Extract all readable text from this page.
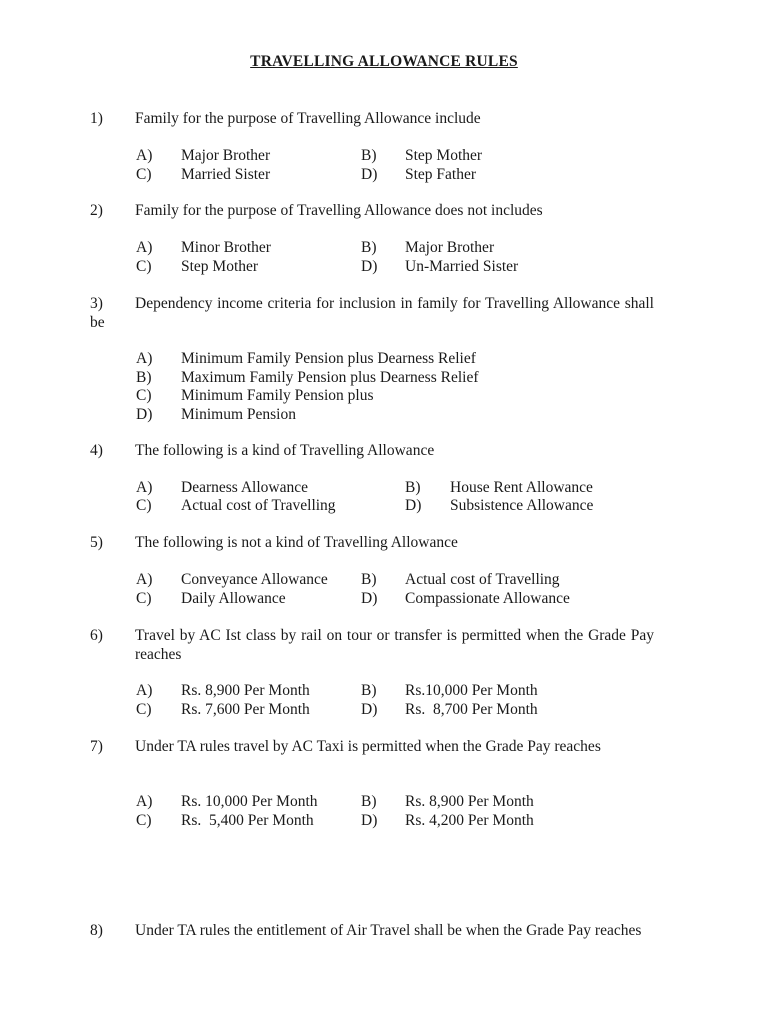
TRAVELLING ALLOWANCE RULES
1) Family for the purpose of Travelling Allowance include
A) Major Brother	B) Step Mother
C) Married Sister	D) Step Father
2) Family for the purpose of Travelling Allowance does not includes
A) Minor Brother	B) Major Brother
C) Step Mother	D) Un-Married Sister
3) Dependency income criteria for inclusion in family for Travelling Allowance shall be
A) Minimum Family Pension plus Dearness Relief
B) Maximum Family Pension plus Dearness Relief
C) Minimum Family Pension plus
D) Minimum Pension
4) The following is a kind of Travelling Allowance
A) Dearness Allowance	B) House Rent Allowance
C) Actual cost of Travelling	D) Subsistence Allowance
5) The following is not a kind of Travelling Allowance
A) Conveyance Allowance B) Actual cost of Travelling
C) Daily Allowance	D) Compassionate Allowance
6) Travel by AC Ist class by rail on tour or transfer is permitted when the Grade Pay reaches
A) Rs. 8,900 Per Month	B) Rs.10,000 Per Month
C) Rs. 7,600 Per Month	D) Rs.  8,700 Per Month
7) Under TA rules travel by AC Taxi is permitted when the Grade Pay reaches
A) Rs. 10,000 Per Month	B) Rs. 8,900 Per Month
C) Rs.  5,400 Per Month	D) Rs. 4,200 Per Month
8) Under TA rules the entitlement of Air Travel shall be when the Grade Pay reaches
